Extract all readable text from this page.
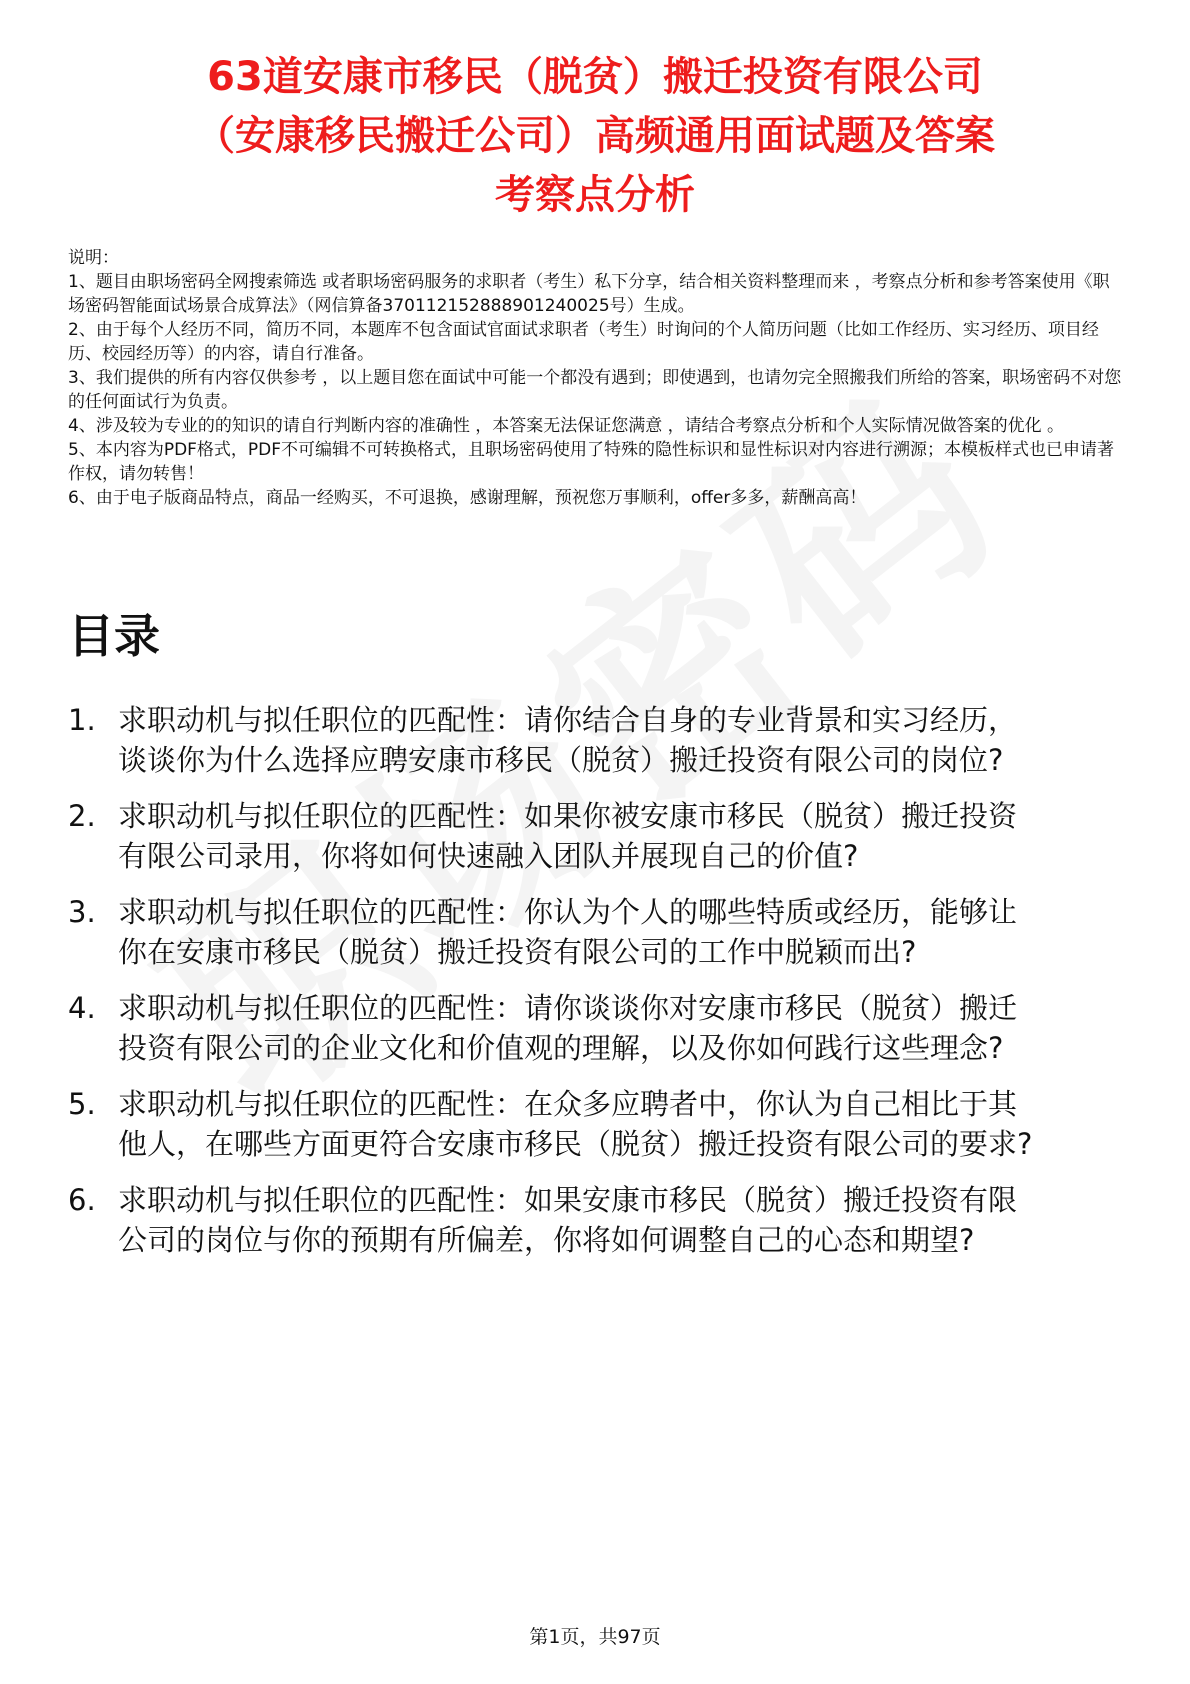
63道安康市移民（脱贫）搬迁投资有限公司
（安康移民搬迁公司）高频通用面试题及答案
考察点分析

说明：

1、题目由职场密码全网搜索筛选 或者职场密码服务的求职者（考生）私下分享，结合相关资料整理而来 ，考察点分析和参考答案使用《职场密码智能面试场景合成算法》（网信算备370112152888901240025号）生成。

2、由于每个人经历不同，简历不同，本题库不包含面试官面试求职者（考生）时询问的个人简历问题（比如工作经历、实习经历、项目经历、校园经历等）的内容，请自行准备。

3、我们提供的所有内容仅供参考 ，以上题目您在面试中可能一个都没有遇到；即使遇到，也请勿完全照搬我们所给的答案，职场密码不对您的任何面试行为负责。

4、涉及较为专业的的知识的请自行判断内容的准确性 ，本答案无法保证您满意 ，请结合考察点分析和个人实际情况做答案的优化 。

5、本内容为PDF格式，PDF不可编辑不可转换格式，且职场密码使用了特殊的隐性标识和显性标识对内容进行溯源；本模板样式也已申请著作权，请勿转售！

6、由于电子版商品特点，商品一经购买，不可退换，感谢理解，预祝您万事顺利，offer多多，薪酬高高！

目录
1. 求职动机与拟任职位的匹配性：请你结合自身的专业背景和实习经历，谈谈你为什么选择应聘安康市移民（脱贫）搬迁投资有限公司的岗位?
2. 求职动机与拟任职位的匹配性：如果你被安康市移民（脱贫）搬迁投资有限公司录用，你将如何快速融入团队并展现自己的价值?
3. 求职动机与拟任职位的匹配性：你认为个人的哪些特质或经历，能够让你在安康市移民（脱贫）搬迁投资有限公司的工作中脱颖而出?
4. 求职动机与拟任职位的匹配性：请你谈谈你对安康市移民（脱贫）搬迁投资有限公司的企业文化和价值观的理解，以及你如何践行这些理念?
5. 求职动机与拟任职位的匹配性：在众多应聘者中，你认为自己相比于其他人，在哪些方面更符合安康市移民（脱贫）搬迁投资有限公司的要求?
6. 求职动机与拟任职位的匹配性：如果安康市移民（脱贫）搬迁投资有限公司的岗位与你的预期有所偏差，你将如何调整自己的心态和期望?
第1页，共97页
